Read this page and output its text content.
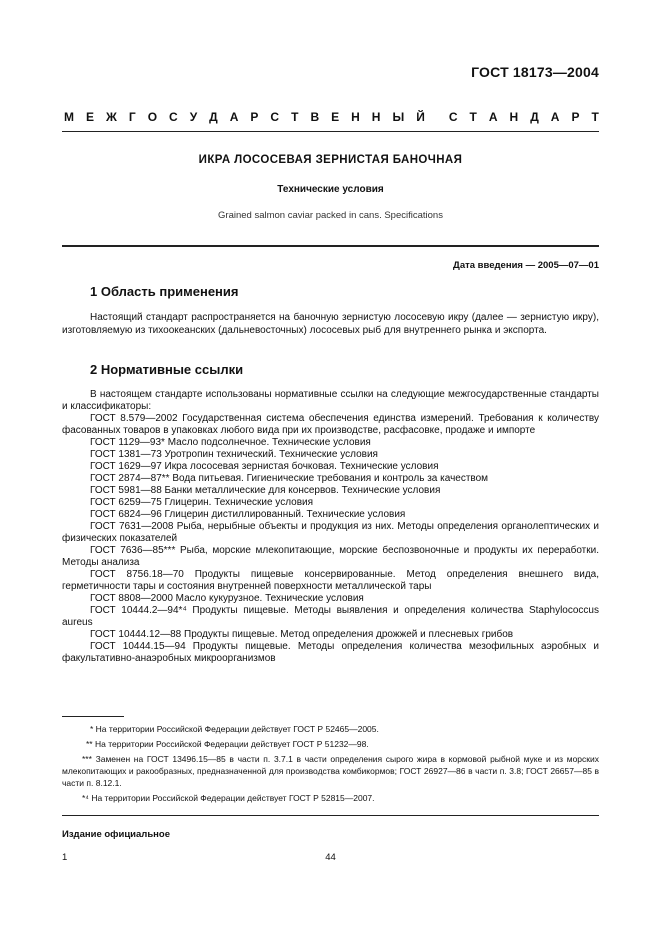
ГОСТ 18173—2004
М Е Ж Г О С У Д А Р С Т В Е Н Н Ы Й С Т А Н Д А Р Т
ИКРА ЛОСОСЕВАЯ ЗЕРНИСТАЯ БАНОЧНАЯ
Технические условия
Grained salmon caviar packed in cans. Specifications
Дата введения — 2005—07—01

1 Область применения

Настоящий стандарт распространяется на баночную зернистую лососевую икру (далее — зернистую икру), изготовляемую из тихоокеанских (дальневосточных) лососевых рыб для внутреннего рынка и экспорта.

2 Нормативные ссылки

В настоящем стандарте использованы нормативные ссылки на следующие межгосударственные стандарты и классификаторы:

ГОСТ 8.579—2002 Государственная система обеспечения единства измерений. Требования к количеству фасованных товаров в упаковках любого вида при их производстве, расфасовке, продаже и импорте
ГОСТ 1129—93* Масло подсолнечное. Технические условия
ГОСТ 1381—73 Уротропин технический. Технические условия
ГОСТ 1629—97 Икра лососевая зернистая бочковая. Технические условия
ГОСТ 2874—87** Вода питьевая. Гигиенические требования и контроль за качеством
ГОСТ 5981—88 Банки металлические для консервов. Технические условия
ГОСТ 6259—75 Глицерин. Технические условия
ГОСТ 6824—96 Глицерин дистиллированный. Технические условия
ГОСТ 7631—2008 Рыба, нерыбные объекты и продукция из них. Методы определения органолептических и физических показателей
ГОСТ 7636—85*** Рыба, морские млекопитающие, морские беспозвоночные и продукты их переработки. Методы анализа
ГОСТ 8756.18—70 Продукты пищевые консервированные. Метод определения внешнего вида, герметичности тары и состояния внутренней поверхности металлической тары
ГОСТ 8808—2000 Масло кукурузное. Технические условия
ГОСТ 10444.2—94*⁴ Продукты пищевые. Методы выявления и определения количества Staphylococcus aureus
ГОСТ 10444.12—88 Продукты пищевые. Метод определения дрожжей и плесневых грибов
ГОСТ 10444.15—94 Продукты пищевые. Методы определения количества мезофильных аэробных и факультативно-анаэробных микроорганизмов

* На территории Российской Федерации действует ГОСТ Р 52465—2005.

** На территории Российской Федерации действует ГОСТ Р 51232—98.

*** Заменен на ГОСТ 13496.15—85 в части п. 3.7.1 в части определения сырого жира в кормовой рыбной муке и из морских млекопитающих и ракообразных, предназначенной для производства комбикормов; ГОСТ 26927—86 в части п. 3.8; ГОСТ 26657—85 в части п. 8.12.1.

*⁴ На территории Российской Федерации действует ГОСТ Р 52815—2007.

Издание официальное
1	44
